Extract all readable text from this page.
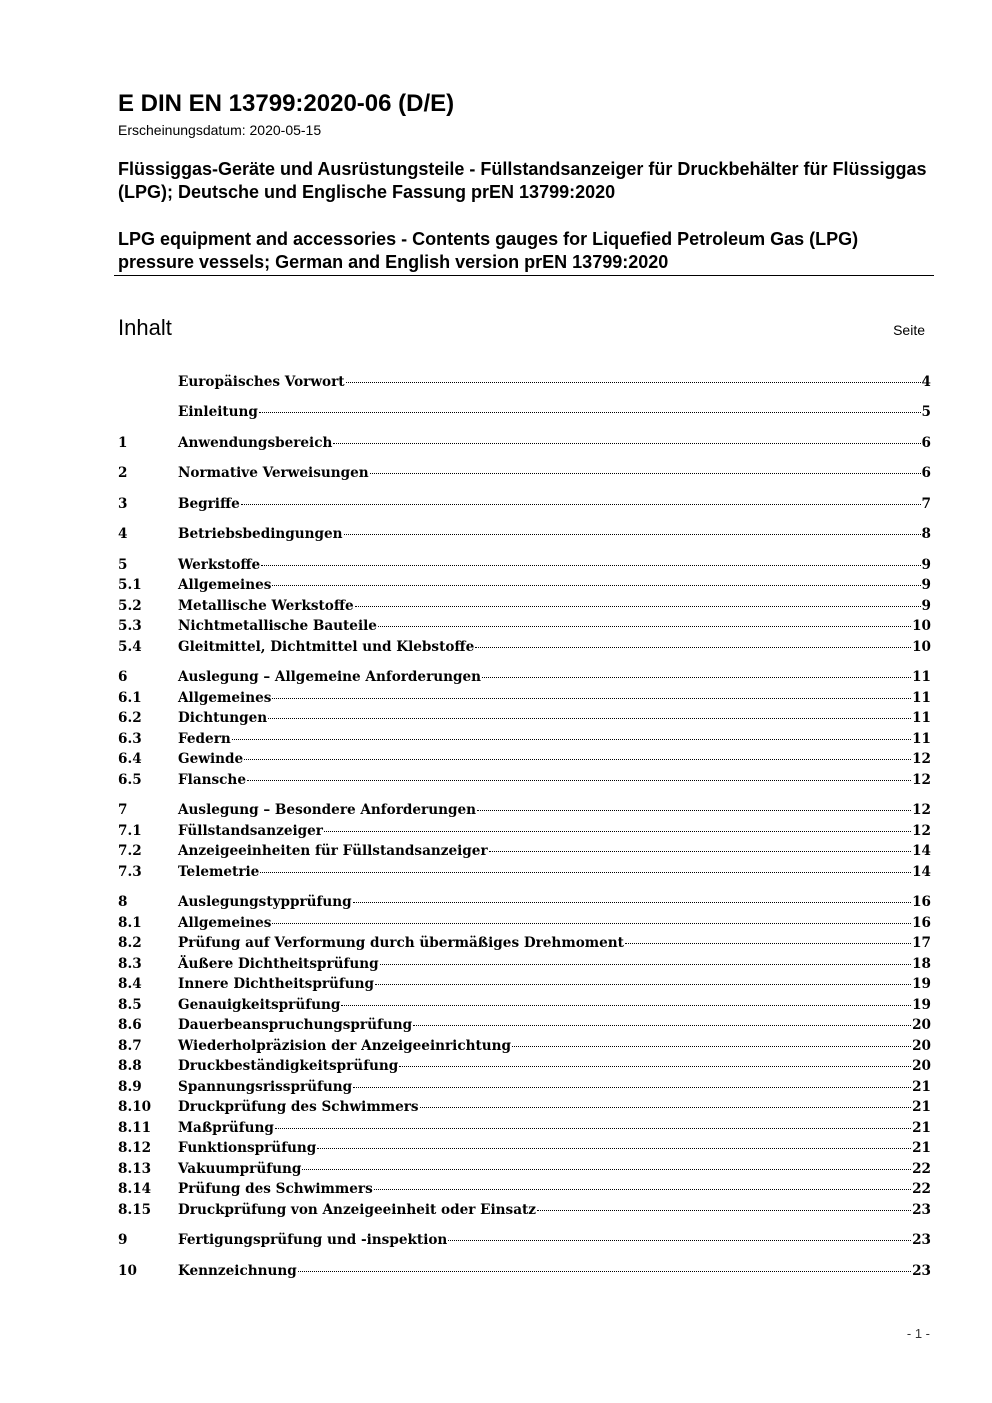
E DIN EN 13799:2020-06 (D/E)
Erscheinungsdatum: 2020-05-15
Flüssiggas-Geräte und Ausrüstungsteile - Füllstandsanzeiger für Druckbehälter für Flüssiggas (LPG); Deutsche und Englische Fassung prEN 13799:2020
LPG equipment and accessories - Contents gauges for Liquefied Petroleum Gas (LPG) pressure vessels; German and English version prEN 13799:2020
Inhalt	Seite
Europäisches Vorwort	4
Einleitung	5
1	Anwendungsbereich	6
2	Normative Verweisungen	6
3	Begriffe	7
4	Betriebsbedingungen	8
5	Werkstoffe	9
5.1	Allgemeines	9
5.2	Metallische Werkstoffe	9
5.3	Nichtmetallische Bauteile	10
5.4	Gleitmittel, Dichtmittel und Klebstoffe	10
6	Auslegung – Allgemeine Anforderungen	11
6.1	Allgemeines	11
6.2	Dichtungen	11
6.3	Federn	11
6.4	Gewinde	12
6.5	Flansche	12
7	Auslegung – Besondere Anforderungen	12
7.1	Füllstandsanzeiger	12
7.2	Anzeigeeinheiten für Füllstandsanzeiger	14
7.3	Telemetrie	14
8	Auslegungstypprüfung	16
8.1	Allgemeines	16
8.2	Prüfung auf Verformung durch übermäßiges Drehmoment	17
8.3	Äußere Dichtheitsprüfung	18
8.4	Innere Dichtheitsprüfung	19
8.5	Genauigkeitsprüfung	19
8.6	Dauerbeanspruchungsprüfung	20
8.7	Wiederholpräzision der Anzeigeeinrichtung	20
8.8	Druckbeständigkeitsprüfung	20
8.9	Spannungsrissprüfung	21
8.10	Druckprüfung des Schwimmers	21
8.11	Maßprüfung	21
8.12	Funktionsprüfung	21
8.13	Vakuumprüfung	22
8.14	Prüfung des Schwimmers	22
8.15	Druckprüfung von Anzeigeeinheit oder Einsatz	23
9	Fertigungsprüfung und -inspektion	23
10	Kennzeichnung	23
- 1 -
